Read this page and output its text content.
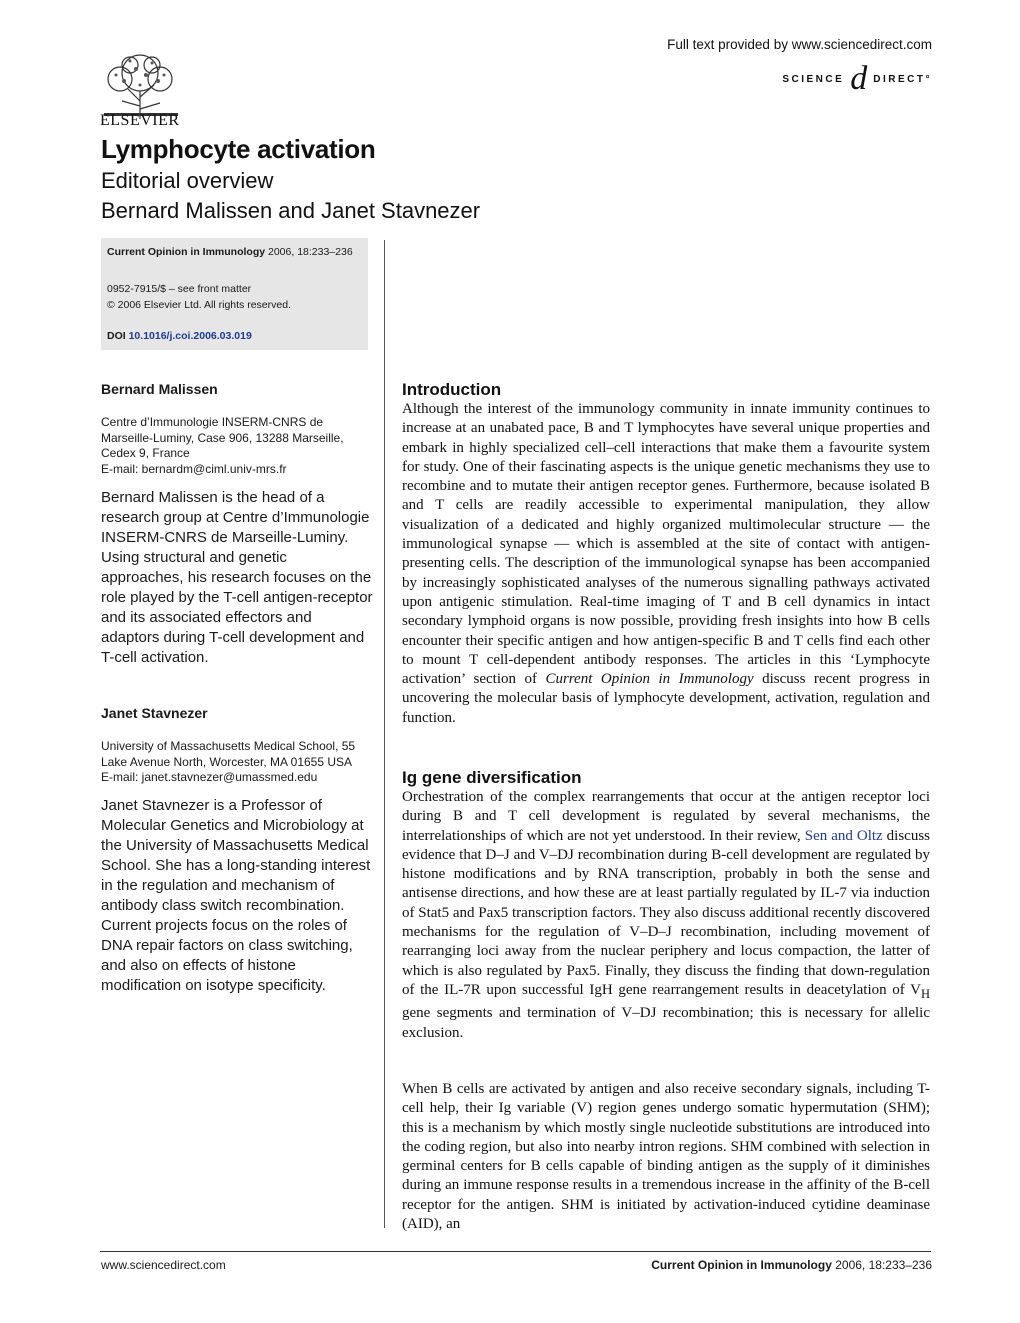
ELSEVIER
Full text provided by www.sciencedirect.com
SCIENCE d DIRECT°
Lymphocyte activation
Editorial overview
Bernard Malissen and Janet Stavnezer
Current Opinion in Immunology 2006, 18:233–236
0952-7915/$ – see front matter
© 2006 Elsevier Ltd. All rights reserved.
DOI 10.1016/j.coi.2006.03.019
Bernard Malissen
Centre d’Immunologie INSERM-CNRS de Marseille-Luminy, Case 906, 13288 Marseille, Cedex 9, France
E-mail: bernardm@ciml.univ-mrs.fr
Bernard Malissen is the head of a research group at Centre d’Immunologie INSERM-CNRS de Marseille-Luminy. Using structural and genetic approaches, his research focuses on the role played by the T-cell antigen-receptor and its associated effectors and adaptors during T-cell development and T-cell activation.
Janet Stavnezer
University of Massachusetts Medical School, 55 Lake Avenue North, Worcester, MA 01655 USA
E-mail: janet.stavnezer@umassmed.edu
Janet Stavnezer is a Professor of Molecular Genetics and Microbiology at the University of Massachusetts Medical School. She has a long-standing interest in the regulation and mechanism of antibody class switch recombination. Current projects focus on the roles of DNA repair factors on class switching, and also on effects of histone modification on isotype specificity.
Introduction
Although the interest of the immunology community in innate immunity continues to increase at an unabated pace, B and T lymphocytes have several unique properties and embark in highly specialized cell–cell interactions that make them a favourite system for study. One of their fascinating aspects is the unique genetic mechanisms they use to recombine and to mutate their antigen receptor genes. Furthermore, because isolated B and T cells are readily accessible to experimental manipulation, they allow visualization of a dedicated and highly organized multimolecular structure — the immunological synapse — which is assembled at the site of contact with antigen-presenting cells. The description of the immunological synapse has been accompanied by increasingly sophisticated analyses of the numerous signalling pathways activated upon antigenic stimulation. Real-time imaging of T and B cell dynamics in intact secondary lymphoid organs is now possible, providing fresh insights into how B cells encounter their specific antigen and how antigen-specific B and T cells find each other to mount T cell-dependent antibody responses. The articles in this ‘Lymphocyte activation’ section of Current Opinion in Immunology discuss recent progress in uncovering the molecular basis of lymphocyte development, activation, regulation and function.
Ig gene diversification
Orchestration of the complex rearrangements that occur at the antigen receptor loci during B and T cell development is regulated by several mechanisms, the interrelationships of which are not yet understood. In their review, Sen and Oltz discuss evidence that D–J and V–DJ recombination during B-cell development are regulated by histone modifications and by RNA transcription, probably in both the sense and antisense directions, and how these are at least partially regulated by IL-7 via induction of Stat5 and Pax5 transcription factors. They also discuss additional recently discovered mechanisms for the regulation of V–D–J recombination, including movement of rearranging loci away from the nuclear periphery and locus compaction, the latter of which is also regulated by Pax5. Finally, they discuss the finding that down-regulation of the IL-7R upon successful IgH gene rearrangement results in deacetylation of $V_H$ gene segments and termination of V–DJ recombination; this is necessary for allelic exclusion.
When B cells are activated by antigen and also receive secondary signals, including T-cell help, their Ig variable (V) region genes undergo somatic hypermutation (SHM); this is a mechanism by which mostly single nucleotide substitutions are introduced into the coding region, but also into nearby intron regions. SHM combined with selection in germinal centers for B cells capable of binding antigen as the supply of it diminishes during an immune response results in a tremendous increase in the affinity of the B-cell receptor for the antigen. SHM is initiated by activation-induced cytidine deaminase (AID), an
www.sciencedirect.com	Current Opinion in Immunology 2006, 18:233–236
